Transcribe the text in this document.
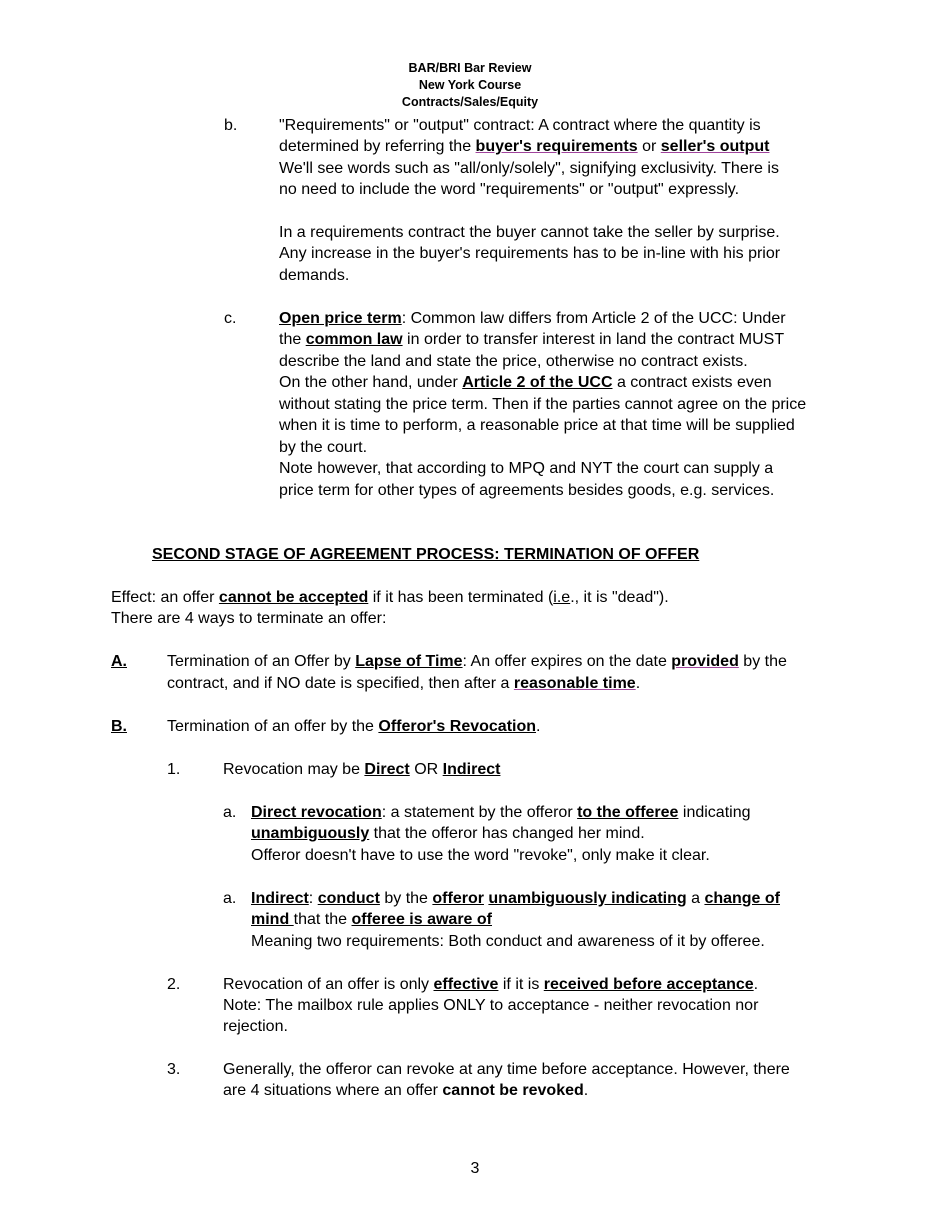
BAR/BRI Bar Review
New York Course
Contracts/Sales/Equity
b.	"Requirements" or "output" contract: A contract where the quantity is
determined by referring the buyer's requirements or seller's output
We'll see words such as "all/only/solely", signifying exclusivity. There is
no need to include the word "requirements" or "output" expressly.
In a requirements contract the buyer cannot take the seller by surprise.
Any increase in the buyer's requirements has to be in-line with his prior
demands.
c.	Open price term: Common law differs from Article 2 of the UCC: Under
the common law in order to transfer interest in land the contract MUST
describe the land and state the price, otherwise no contract exists.
On the other hand, under Article 2 of the UCC a contract exists even
without stating the price term. Then if the parties cannot agree on the price
when it is time to perform, a reasonable price at that time will be supplied
by the court.
Note however, that according to MPQ and NYT the court can supply a
price term for other types of agreements besides goods, e.g. services.
SECOND STAGE OF AGREEMENT PROCESS: TERMINATION OF OFFER
Effect: an offer cannot be accepted if it has been terminated (i.e., it is "dead").
There are 4 ways to terminate an offer:
A.	Termination of an Offer by Lapse of Time: An offer expires on the date provided by the
contract, and if NO date is specified, then after a reasonable time.
B.	Termination of an offer by the Offeror's Revocation.
1.	Revocation may be Direct OR Indirect
a. Direct revocation: a statement by the offeror to the offeree indicating
unambiguously that the offeror has changed her mind.
Offeror doesn't have to use the word "revoke", only make it clear.
a. Indirect: conduct by the offeror unambiguously indicating a change of
mind that the offeree is aware of
Meaning two requirements: Both conduct and awareness of it by offeree.
2.	Revocation of an offer is only effective if it is received before acceptance.
Note: The mailbox rule applies ONLY to acceptance - neither revocation nor
rejection.
3.	Generally, the offeror can revoke at any time before acceptance. However, there
are 4 situations where an offer cannot be revoked.
3
